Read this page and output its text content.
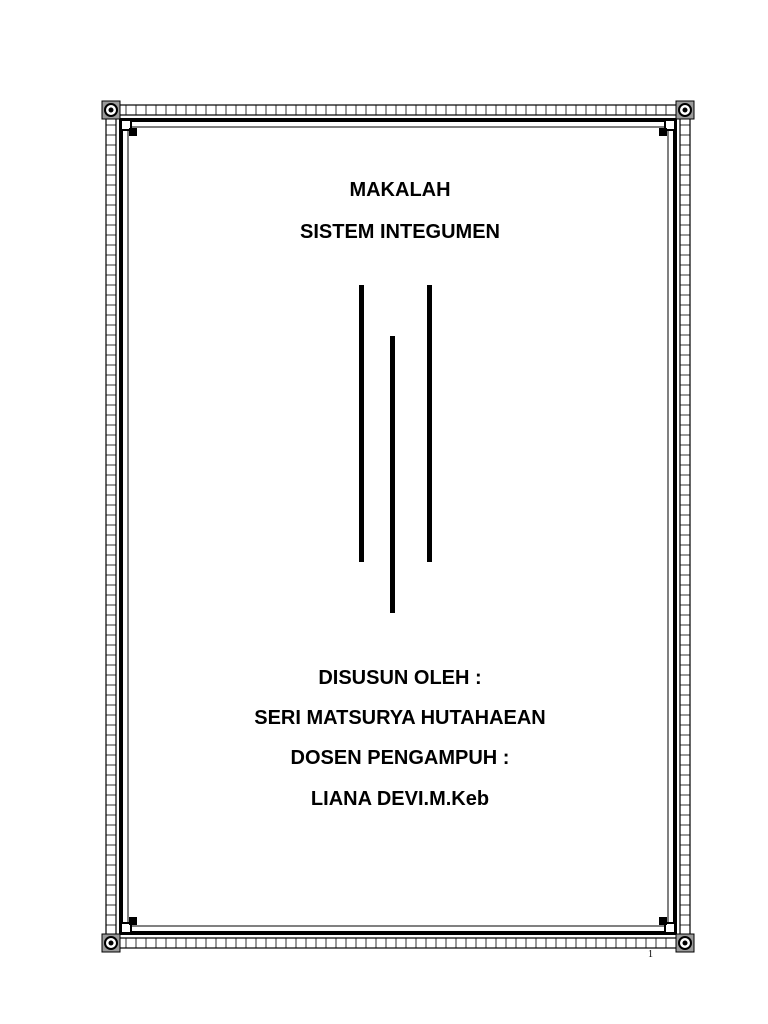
MAKALAH
SISTEM INTEGUMEN
DISUSUN OLEH :
SERI MATSURYA HUTAHAEAN
DOSEN PENGAMPUH :
LIANA DEVI.M.Keb
1
